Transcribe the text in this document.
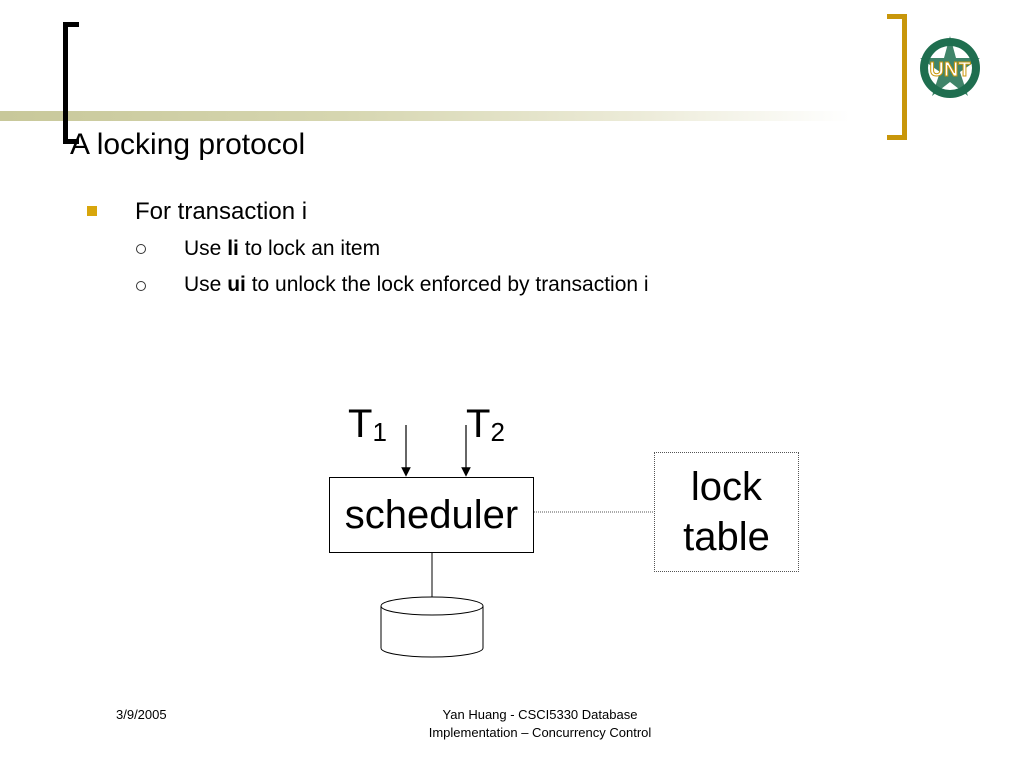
UNT
A locking protocol
For transaction i
Use li to lock an item
Use ui to unlock the lock enforced by transaction i
$T_1$ $T_2$
scheduler
lock
table
3/9/2005	Yan Huang - CSCI5330 Database
Implementation – Concurrency Control
